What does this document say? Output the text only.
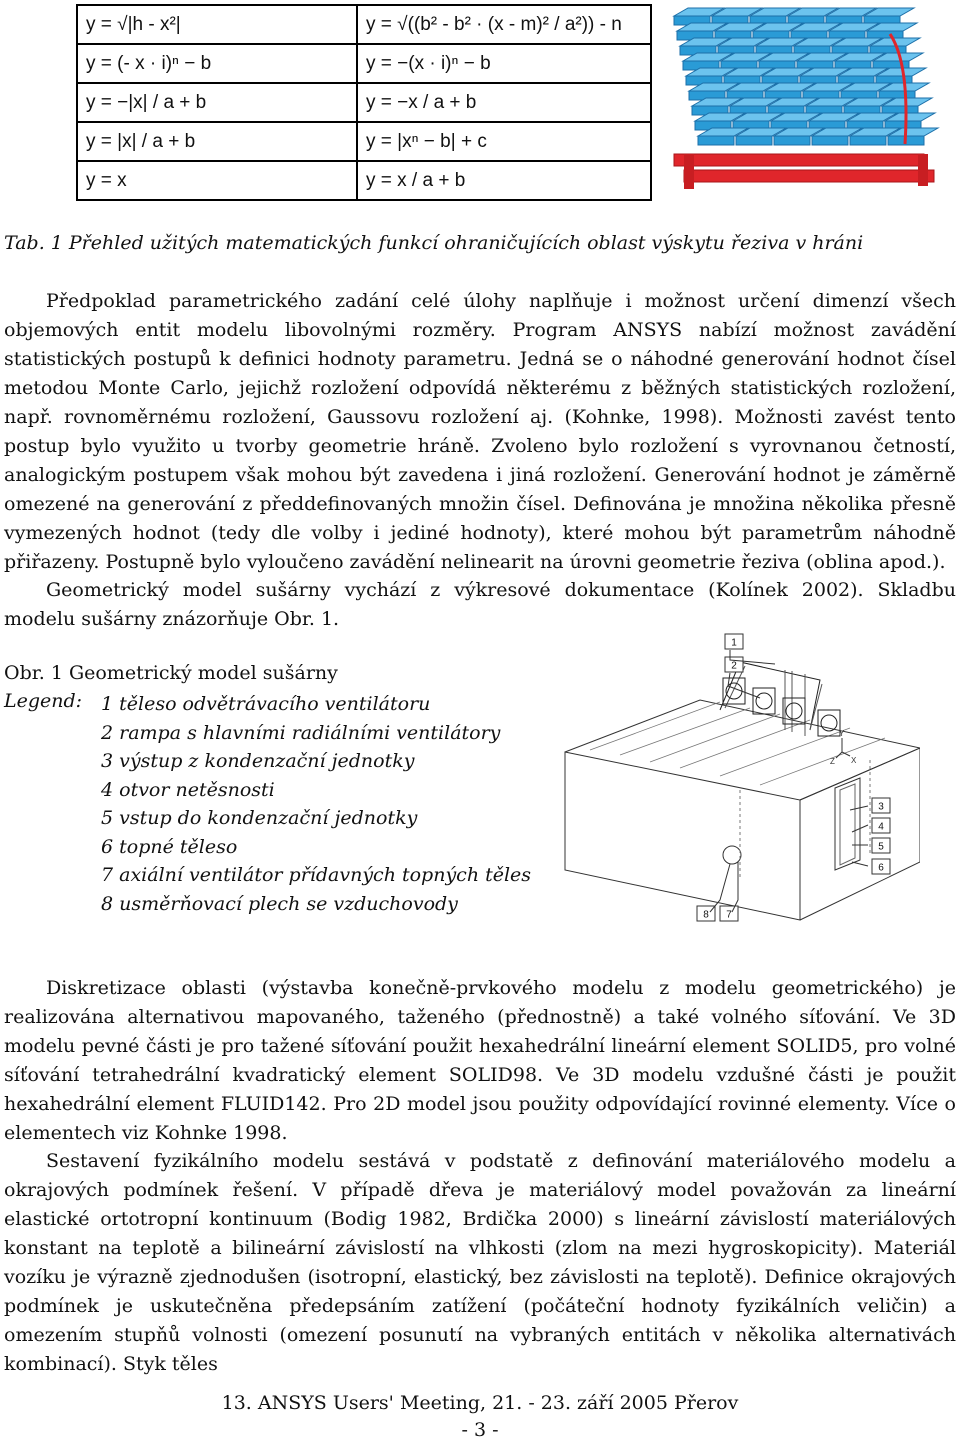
y = √|h - x²|	y = √((b² - b² · (x - m)² / a²)) - n
y = (- x · i)ⁿ − b	y = −(x · i)ⁿ − b
y = −|x| / a + b	y = −x / a + b
y = |x| / a + b	y = |xⁿ − b| + c
y = x	y = x / a + b
Tab. 1 Přehled užitých matematických funkcí ohraničujících oblast výskytu řeziva v hráni

Předpoklad parametrického zadání celé úlohy naplňuje i možnost určení dimenzí všech objemových entit modelu libovolnými rozměry. Program ANSYS nabízí možnost zavádění statistických postupů k definici hodnoty parametru. Jedná se o náhodné generování hodnot čísel metodou Monte Carlo, jejichž rozložení odpovídá některému z běžných statistických rozložení, např. rovnoměrnému rozložení, Gaussovu rozložení aj. (Kohnke, 1998). Možnosti zavést tento postup bylo využito u tvorby geometrie hráně. Zvoleno bylo rozložení s vyrovnanou četností, analogickým postupem však mohou být zavedena i jiná rozložení. Generování hodnot je záměrně omezené na generování z předdefinovaných množin čísel. Definována je množina několika přesně vymezených hodnot (tedy dle volby i jediné hodnoty), které mohou být parametrům náhodně přiřazeny. Postupně bylo vyloučeno zavádění nelinearit na úrovni geometrie řeziva (oblina apod.).

Geometrický model sušárny vychází z výkresové dokumentace (Kolínek 2002). Skladbu modelu sušárny znázorňuje Obr. 1.

Obr. 1 Geometrický model sušárny
Legend: 1 těleso odvětrávacího ventilátoru
2 rampa s hlavními radiálními ventilátory
3 výstup z kondenzační jednotky
4 otvor netěsnosti
5 vstup do kondenzační jednotky
6 topné těleso
7 axiální ventilátor přídavných topných těles
8 usměrňovací plech se vzduchovody
Y
Z X
1
2
3
4
5
6
7
8

Diskretizace oblasti (výstavba konečně-prvkového modelu z modelu geometrického) je realizována alternativou mapovaného, taženého (přednostně) a také volného síťování. Ve 3D modelu pevné části je pro tažené síťování použit hexahedrální lineární element SOLID5, pro volné síťování tetrahedrální kvadratický element SOLID98. Ve 3D modelu vzdušné části je použit hexahedrální element FLUID142. Pro 2D model jsou použity odpovídající rovinné elementy. Více o elementech viz Kohnke 1998.

Sestavení fyzikálního modelu sestává v podstatě z definování materiálového modelu a okrajových podmínek řešení. V případě dřeva je materiálový model považován za lineární elastické ortotropní kontinuum (Bodig 1982, Brdička 2000) s lineární závislostí materiálových konstant na teplotě a bilineární závislostí na vlhkosti (zlom na mezi hygroskopicity). Materiál vozíku je výrazně zjednodušen (isotropní, elastický, bez závislosti na teplotě). Definice okrajových podmínek je uskutečněna předepsáním zatížení (počáteční hodnoty fyzikálních veličin) a omezením stupňů volnosti (omezení posunutí na vybraných entitách v několika alternativách kombinací). Styk těles

13. ANSYS Users' Meeting, 21. - 23. září 2005 Přerov
- 3 -
